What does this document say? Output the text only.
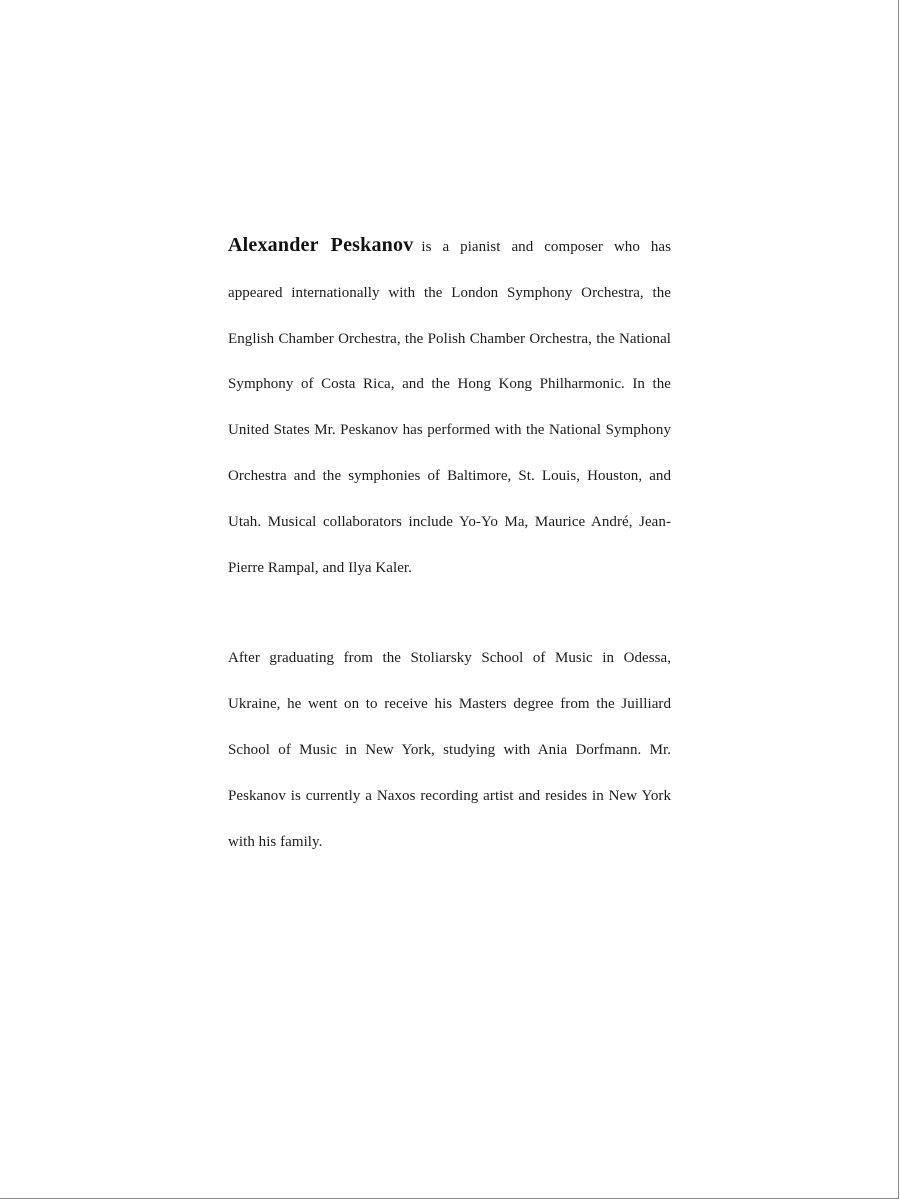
Alexander Peskanov is a pianist and composer who has appeared internationally with the London Symphony Orchestra, the English Chamber Orchestra, the Polish Chamber Orchestra, the National Symphony of Costa Rica, and the Hong Kong Philharmonic. In the United States Mr. Peskanov has performed with the National Symphony Orchestra and the symphonies of Baltimore, St. Louis, Houston, and Utah. Musical collaborators include Yo-Yo Ma, Maurice André, Jean-Pierre Rampal, and Ilya Kaler.

After graduating from the Stoliarsky School of Music in Odessa, Ukraine, he went on to receive his Masters degree from the Juilliard School of Music in New York, studying with Ania Dorfmann. Mr. Peskanov is currently a Naxos recording artist and resides in New York with his family.
